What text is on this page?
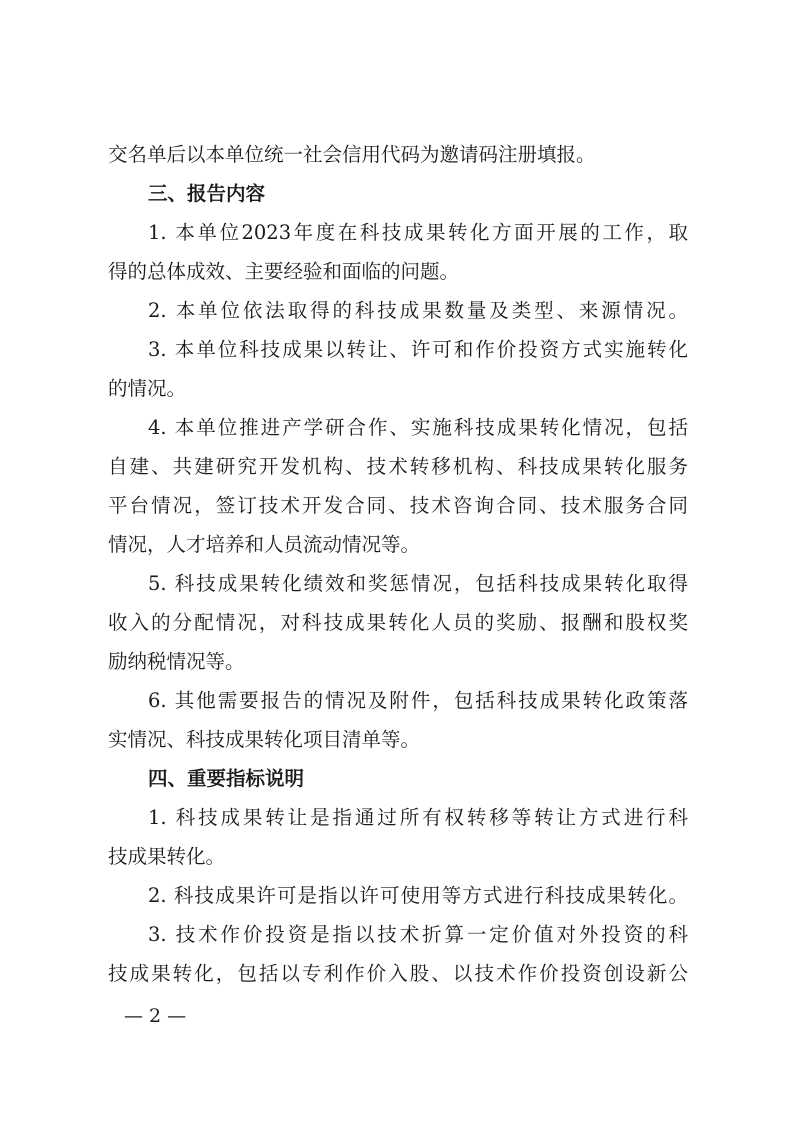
交名单后以本单位统一社会信用代码为邀请码注册填报。
三、报告内容
1. 本单位2023年度在科技成果转化方面开展的工作，取
得的总体成效、主要经验和面临的问题。
2. 本单位依法取得的科技成果数量及类型、来源情况。
3. 本单位科技成果以转让、许可和作价投资方式实施转化
的情况。
4. 本单位推进产学研合作、实施科技成果转化情况，包括
自建、共建研究开发机构、技术转移机构、科技成果转化服务
平台情况，签订技术开发合同、技术咨询合同、技术服务合同
情况，人才培养和人员流动情况等。
5. 科技成果转化绩效和奖惩情况，包括科技成果转化取得
收入的分配情况，对科技成果转化人员的奖励、报酬和股权奖
励纳税情况等。
6. 其他需要报告的情况及附件，包括科技成果转化政策落
实情况、科技成果转化项目清单等。
四、重要指标说明
1. 科技成果转让是指通过所有权转移等转让方式进行科
技成果转化。
2. 科技成果许可是指以许可使用等方式进行科技成果转化。
3. 技术作价投资是指以技术折算一定价值对外投资的科
技成果转化，包括以专利作价入股、以技术作价投资创设新公
— 2 —
